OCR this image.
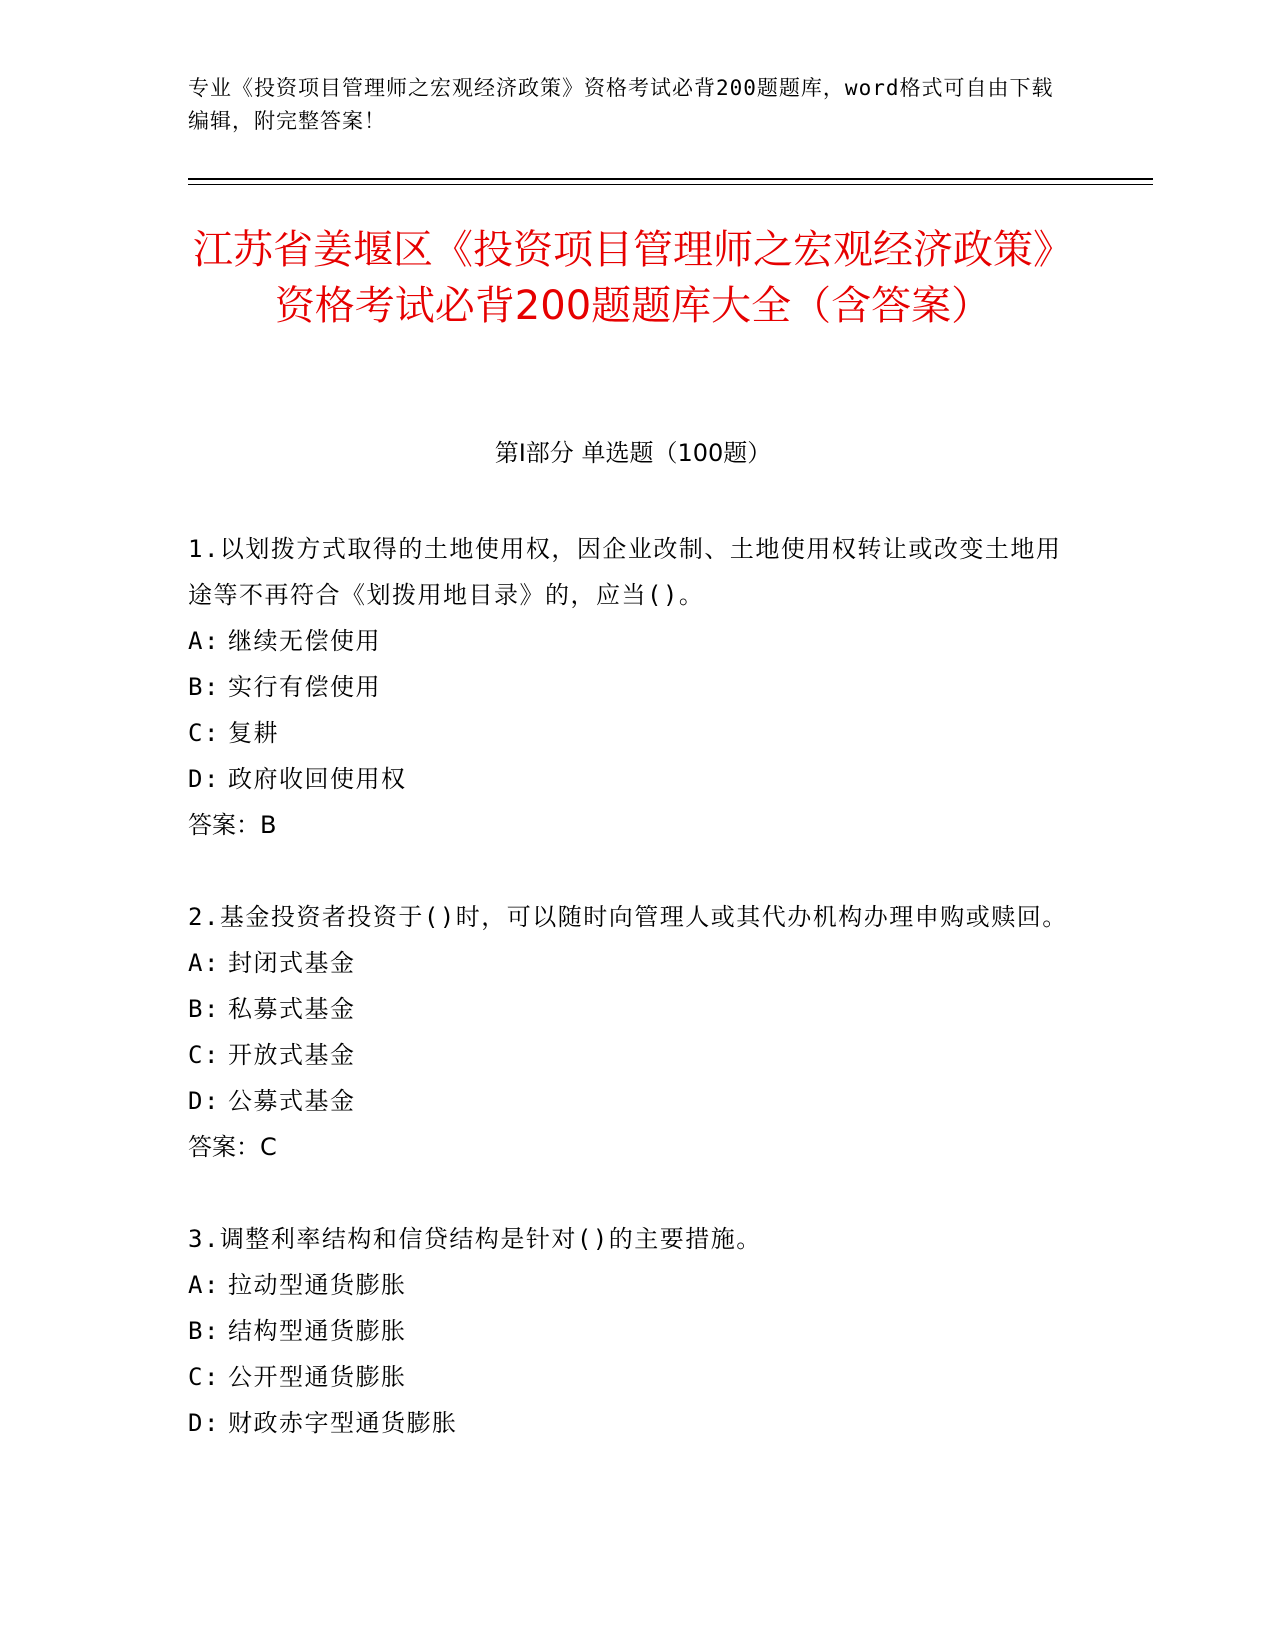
专业《投资项目管理师之宏观经济政策》资格考试必背200题题库，word格式可自由下载编辑，附完整答案！
江苏省姜堰区《投资项目管理师之宏观经济政策》资格考试必背200题题库大全（含答案）
第I部分 单选题（100题）
1.以划拨方式取得的土地使用权，因企业改制、土地使用权转让或改变土地用途等不再符合《划拨用地目录》的，应当()。
A: 继续无偿使用
B: 实行有偿使用
C: 复耕
D: 政府收回使用权
答案：B
2.基金投资者投资于()时，可以随时向管理人或其代办机构办理申购或赎回。
A: 封闭式基金
B: 私募式基金
C: 开放式基金
D: 公募式基金
答案：C
3.调整利率结构和信贷结构是针对()的主要措施。
A: 拉动型通货膨胀
B: 结构型通货膨胀
C: 公开型通货膨胀
D: 财政赤字型通货膨胀
